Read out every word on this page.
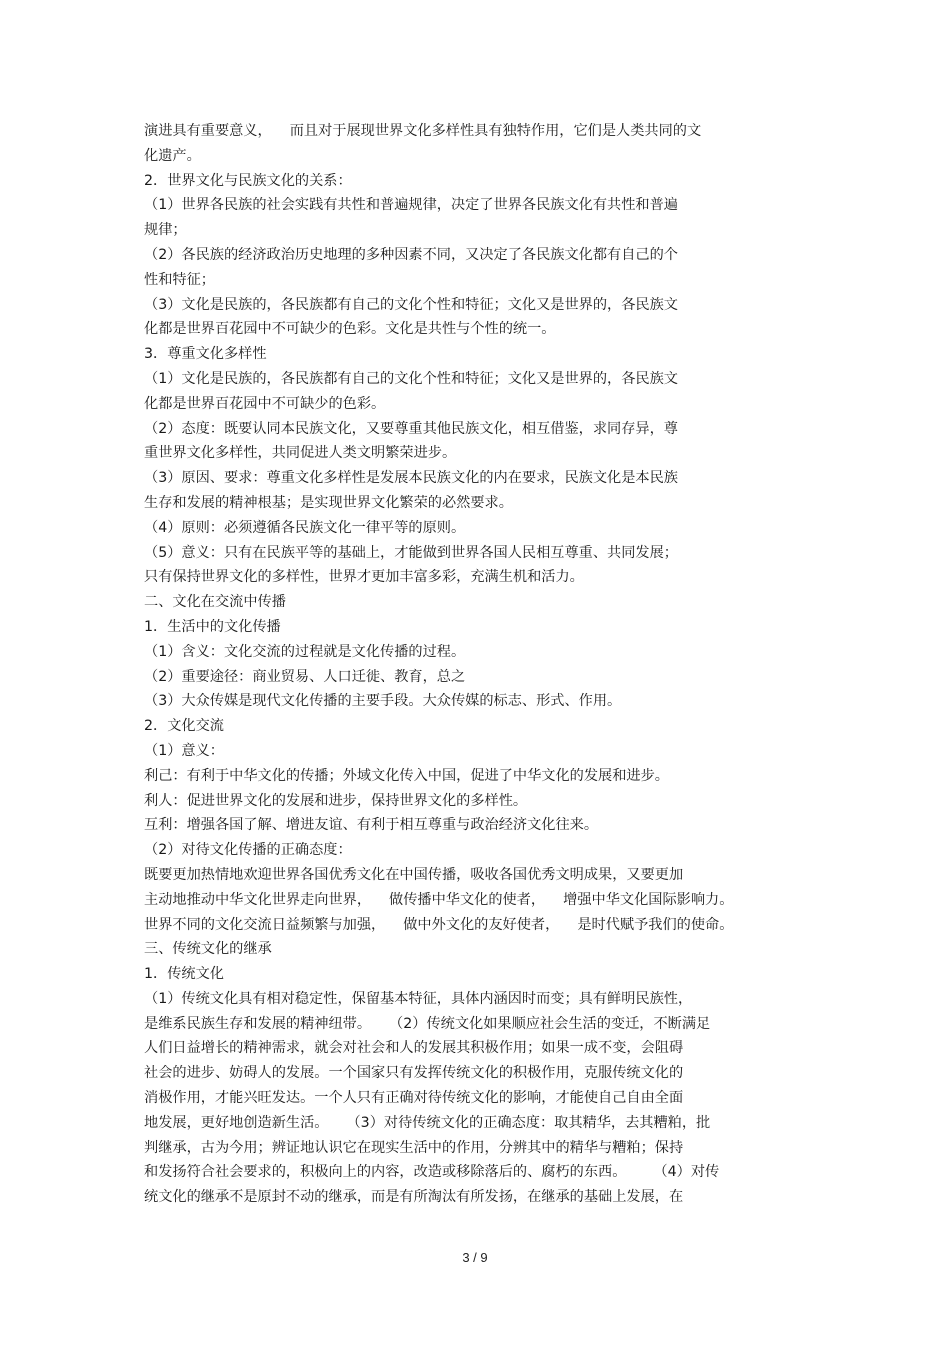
演进具有重要意义，    而且对于展现世界文化多样性具有独特作用，它们是人类共同的文
化遗产。
2．世界文化与民族文化的关系：
（1）世界各民族的社会实践有共性和普遍规律，决定了世界各民族文化有共性和普遍
规律；
（2）各民族的经济政治历史地理的多种因素不同，又决定了各民族文化都有自己的个
性和特征；
（3）文化是民族的，各民族都有自己的文化个性和特征；文化又是世界的，各民族文
化都是世界百花园中不可缺少的色彩。文化是共性与个性的统一。
3．尊重文化多样性
（1）文化是民族的，各民族都有自己的文化个性和特征；文化又是世界的，各民族文
化都是世界百花园中不可缺少的色彩。
（2）态度：既要认同本民族文化，又要尊重其他民族文化，相互借鉴，求同存异，尊
重世界文化多样性，共同促进人类文明繁荣进步。
（3）原因、要求：尊重文化多样性是发展本民族文化的内在要求，民族文化是本民族
生存和发展的精神根基；是实现世界文化繁荣的必然要求。
（4）原则：必须遵循各民族文化一律平等的原则。
（5）意义：只有在民族平等的基础上，才能做到世界各国人民相互尊重、共同发展；
只有保持世界文化的多样性，世界才更加丰富多彩，充满生机和活力。
二、文化在交流中传播
1．生活中的文化传播
（1）含义：文化交流的过程就是文化传播的过程。
（2）重要途径：商业贸易、人口迁徙、教育，总之
（3）大众传媒是现代文化传播的主要手段。大众传媒的标志、形式、作用。
2．文化交流
（1）意义：
利己：有利于中华文化的传播；外域文化传入中国，促进了中华文化的发展和进步。
利人：促进世界文化的发展和进步，保持世界文化的多样性。
互利：增强各国了解、增进友谊、有利于相互尊重与政治经济文化往来。
（2）对待文化传播的正确态度：
既要更加热情地欢迎世界各国优秀文化在中国传播，吸收各国优秀文明成果，又要更加
主动地推动中华文化世界走向世界，    做传播中华文化的使者，    增强中华文化国际影响力。
世界不同的文化交流日益频繁与加强，    做中外文化的友好使者，    是时代赋予我们的使命。
三、传统文化的继承
1．传统文化
（1）传统文化具有相对稳定性，保留基本特征，具体内涵因时而变；具有鲜明民族性，
是维系民族生存和发展的精神纽带。    （2）传统文化如果顺应社会生活的变迁，不断满足
人们日益增长的精神需求，就会对社会和人的发展其积极作用；如果一成不变，会阻碍
社会的进步、妨碍人的发展。一个国家只有发挥传统文化的积极作用，克服传统文化的
消极作用，才能兴旺发达。一个人只有正确对待传统文化的影响，才能使自己自由全面
地发展，更好地创造新生活。    （3）对待传统文化的正确态度：取其精华，去其糟粕，批
判继承，古为今用；辨证地认识它在现实生活中的作用，分辨其中的精华与糟粕；保持
和发扬符合社会要求的，积极向上的内容，改造或移除落后的、腐朽的东西。      （4）对传
统文化的继承不是原封不动的继承，而是有所淘汰有所发扬，在继承的基础上发展，在
3 / 9
